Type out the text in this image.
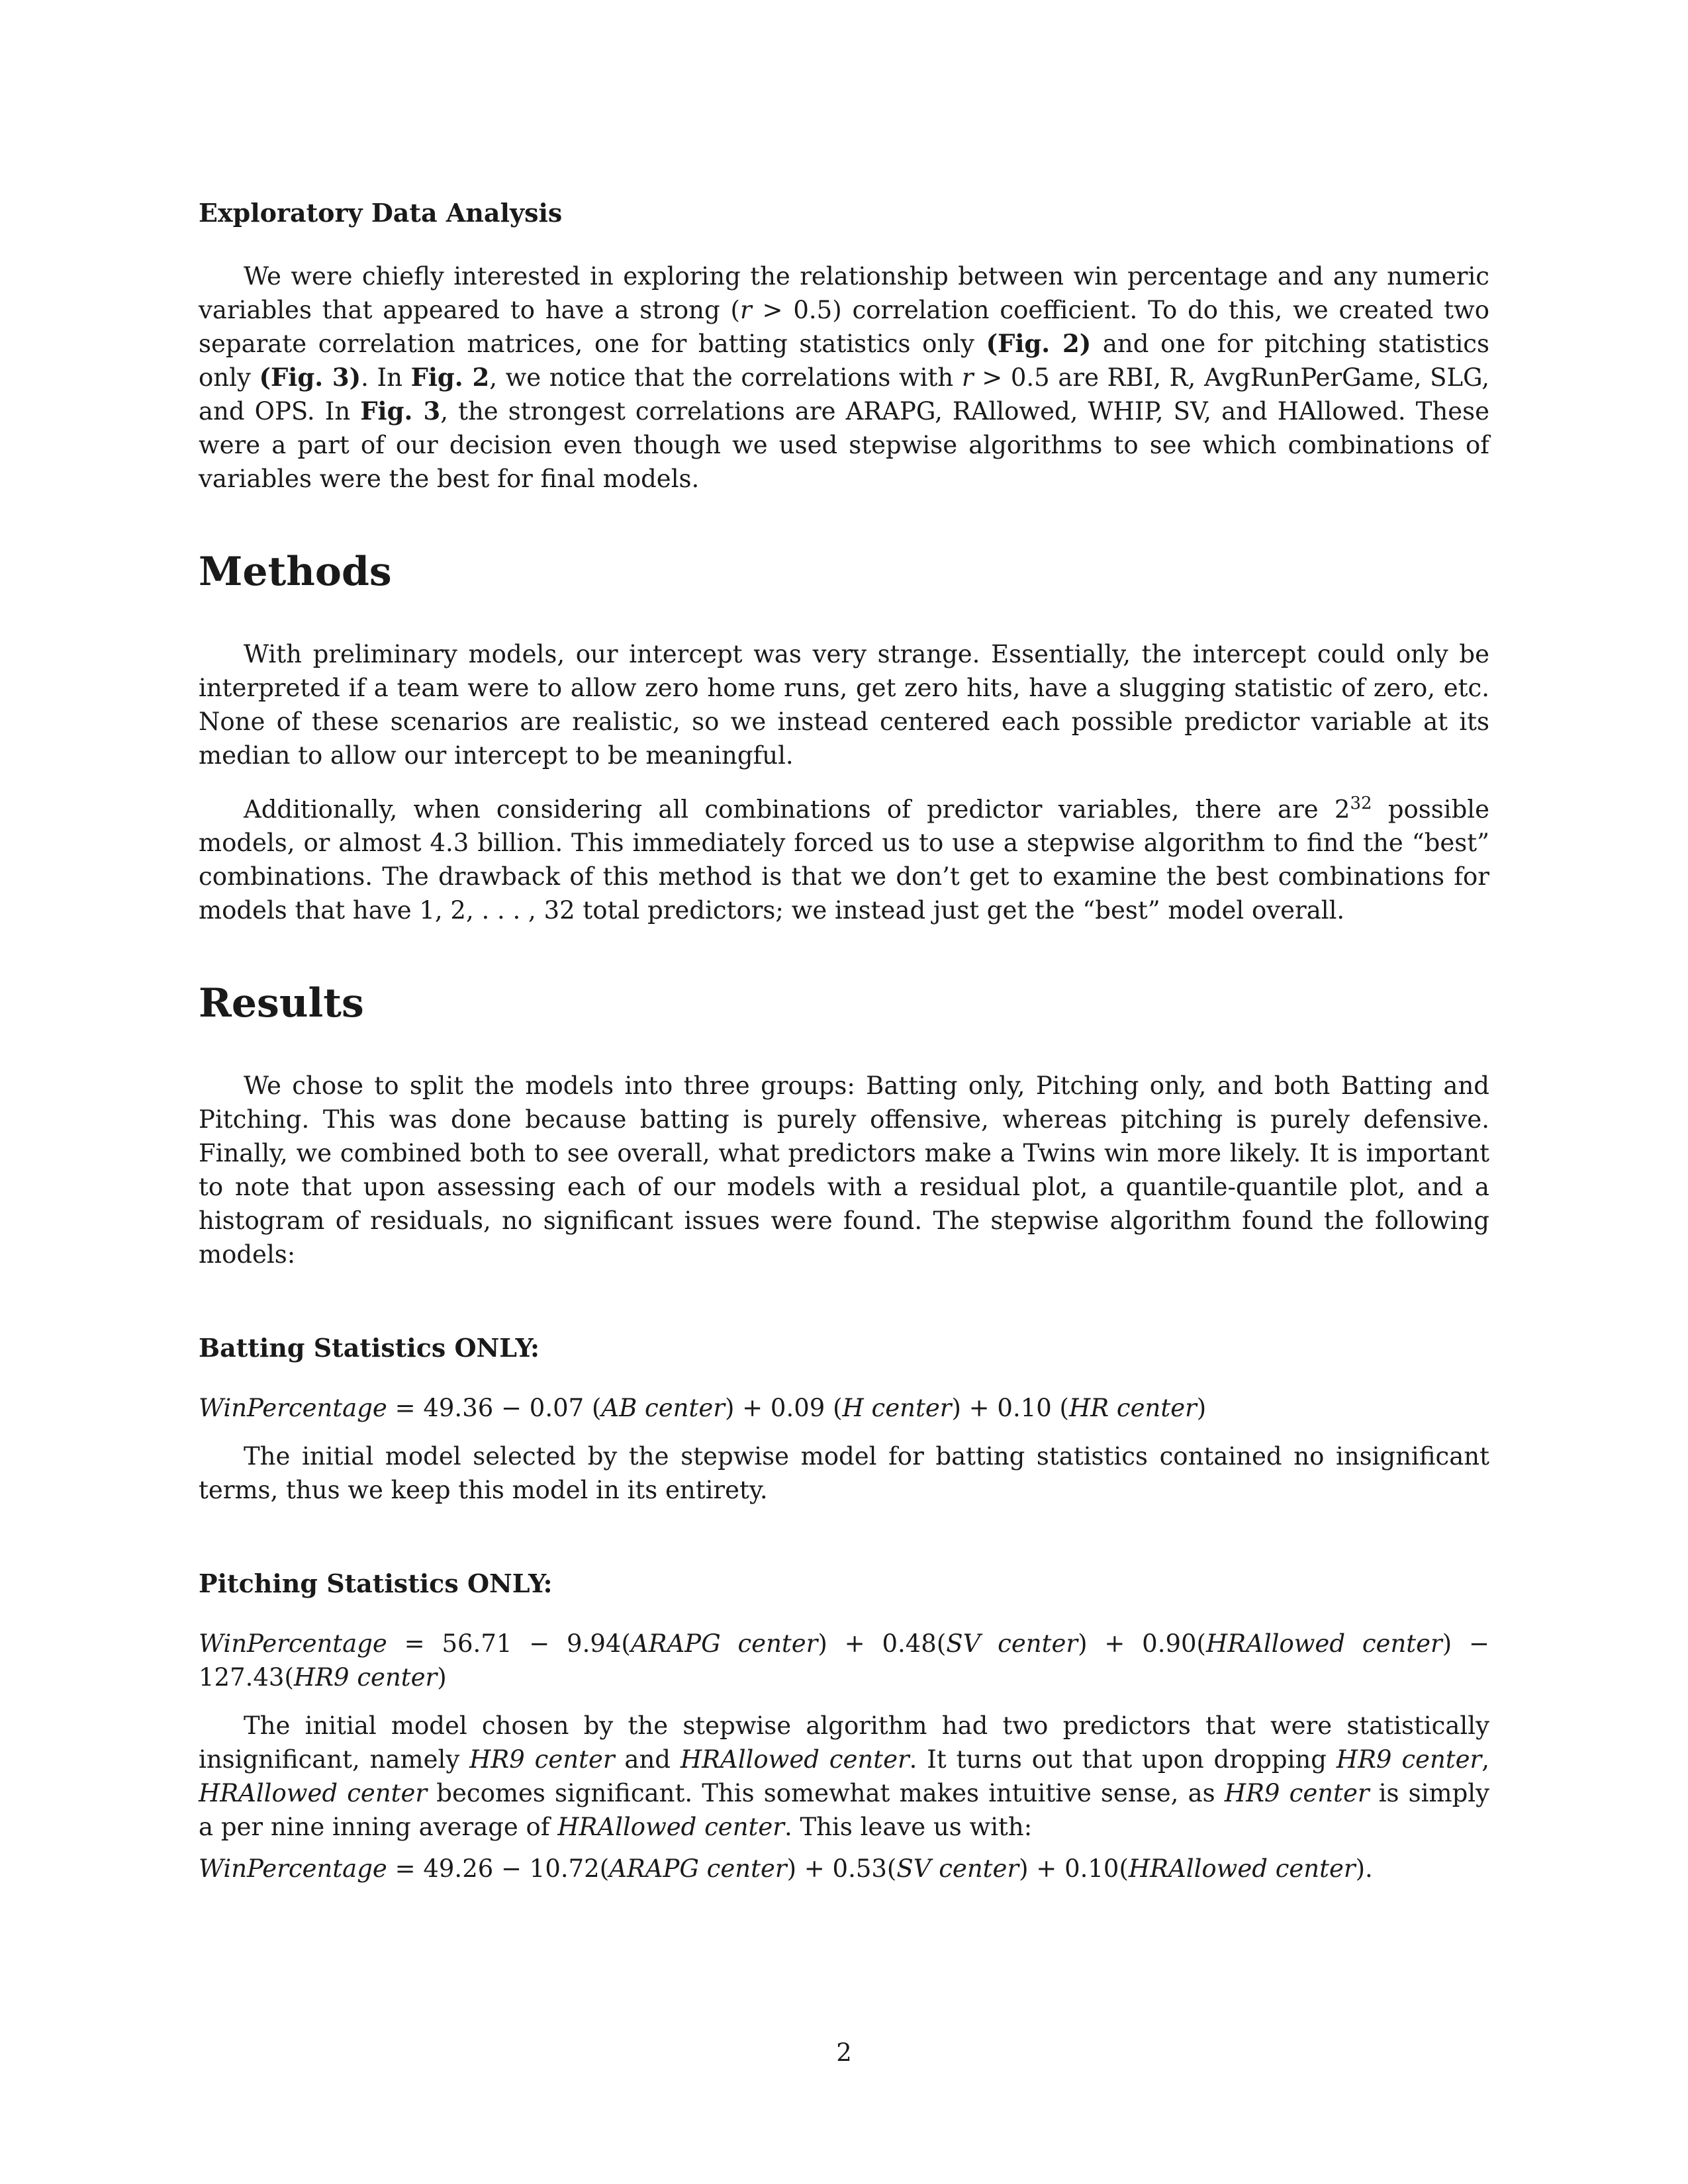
Exploratory Data Analysis

We were chiefly interested in exploring the relationship between win percentage and any numeric variables that appeared to have a strong (r > 0.5) correlation coefficient. To do this, we created two separate correlation matrices, one for batting statistics only (Fig. 2) and one for pitching statistics only (Fig. 3). In Fig. 2, we notice that the correlations with r > 0.5 are RBI, R, AvgRunPerGame, SLG, and OPS. In Fig. 3, the strongest correlations are ARAPG, RAllowed, WHIP, SV, and HAllowed. These were a part of our decision even though we used stepwise algorithms to see which combinations of variables were the best for final models.

Methods

With preliminary models, our intercept was very strange. Essentially, the intercept could only be interpreted if a team were to allow zero home runs, get zero hits, have a slugging statistic of zero, etc. None of these scenarios are realistic, so we instead centered each possible predictor variable at its median to allow our intercept to be meaningful.

Additionally, when considering all combinations of predictor variables, there are $2^{32}$ possible models, or almost 4.3 billion. This immediately forced us to use a stepwise algorithm to find the “best” combinations. The drawback of this method is that we don’t get to examine the best combinations for models that have 1, 2, . . . , 32 total predictors; we instead just get the “best” model overall.

Results

We chose to split the models into three groups: Batting only, Pitching only, and both Batting and Pitching. This was done because batting is purely offensive, whereas pitching is purely defensive. Finally, we combined both to see overall, what predictors make a Twins win more likely. It is important to note that upon assessing each of our models with a residual plot, a quantile-quantile plot, and a histogram of residuals, no significant issues were found. The stepwise algorithm found the following models:

Batting Statistics ONLY:

WinPercentage = 49.36 − 0.07 (AB center) + 0.09 (H center) + 0.10 (HR center)

The initial model selected by the stepwise model for batting statistics contained no insignificant terms, thus we keep this model in its entirety.

Pitching Statistics ONLY:

WinPercentage = 56.71 − 9.94(ARAPG center) + 0.48(SV center) + 0.90(HRAllowed center) − 127.43(HR9 center)

The initial model chosen by the stepwise algorithm had two predictors that were statistically insignificant, namely HR9 center and HRAllowed center. It turns out that upon dropping HR9 center, HRAllowed center becomes significant. This somewhat makes intuitive sense, as HR9 center is simply a per nine inning average of HRAllowed center. This leave us with:

WinPercentage = 49.26 − 10.72(ARAPG center) + 0.53(SV center) + 0.10(HRAllowed center).

2
